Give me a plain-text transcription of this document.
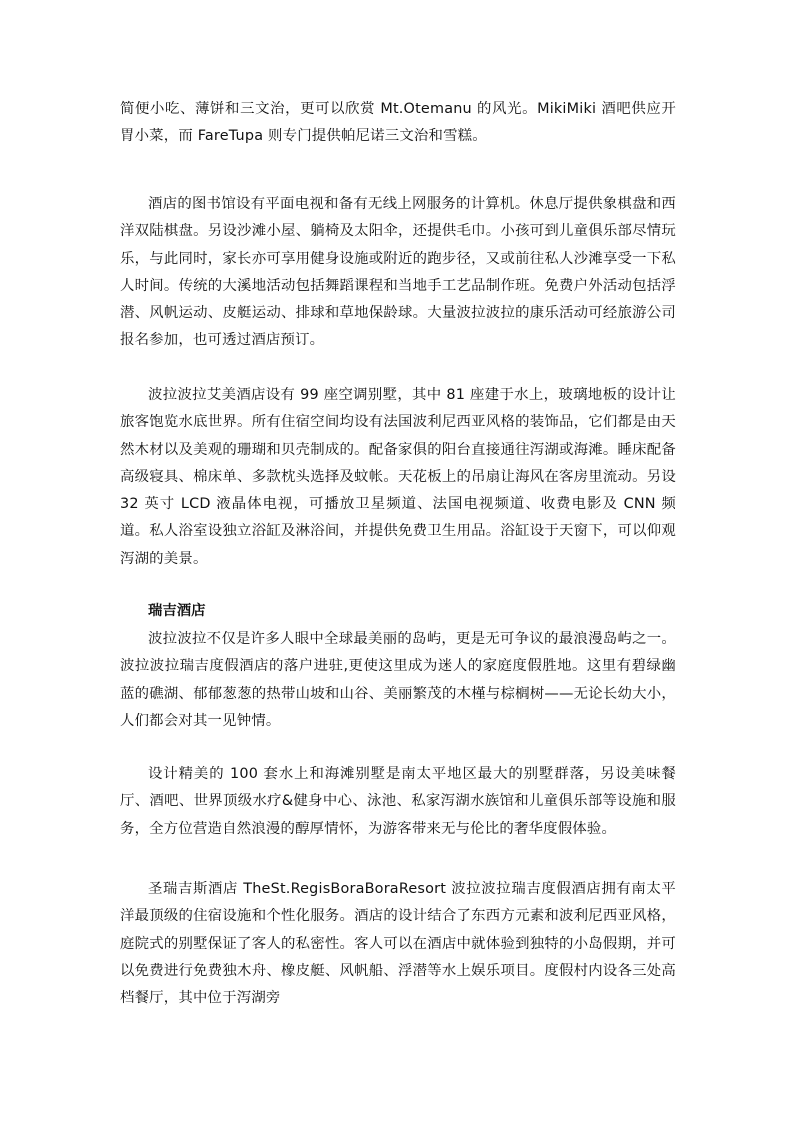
简便小吃、薄饼和三文治，更可以欣赏 Mt.Otemanu 的风光。MikiMiki 酒吧供应开胃小菜，而 FareTupa 则专门提供帕尼诺三文治和雪糕。

酒店的图书馆设有平面电视和备有无线上网服务的计算机。休息厅提供象棋盘和西洋双陆棋盘。另设沙滩小屋、躺椅及太阳伞，还提供毛巾。小孩可到儿童俱乐部尽情玩乐，与此同时，家长亦可享用健身设施或附近的跑步径，又或前往私人沙滩享受一下私人时间。传统的大溪地活动包括舞蹈课程和当地手工艺品制作班。免费户外活动包括浮潜、风帆运动、皮艇运动、排球和草地保龄球。大量波拉波拉的康乐活动可经旅游公司报名参加，也可透过酒店预订。

波拉波拉艾美酒店设有 99 座空调别墅，其中 81 座建于水上，玻璃地板的设计让旅客饱览水底世界。所有住宿空间均设有法国波利尼西亚风格的装饰品，它们都是由天然木材以及美观的珊瑚和贝壳制成的。配备家俱的阳台直接通往泻湖或海滩。睡床配备高级寝具、棉床单、多款枕头选择及蚊帐。天花板上的吊扇让海风在客房里流动。另设 32 英寸 LCD 液晶体电视，可播放卫星频道、法国电视频道、收费电影及 CNN 频道。私人浴室设独立浴缸及淋浴间，并提供免费卫生用品。浴缸设于天窗下，可以仰观泻湖的美景。

瑞吉酒店

波拉波拉不仅是许多人眼中全球最美丽的岛屿，更是无可争议的最浪漫岛屿之一。波拉波拉瑞吉度假酒店的落户进驻,更使这里成为迷人的家庭度假胜地。这里有碧绿幽蓝的礁湖、郁郁葱葱的热带山坡和山谷、美丽繁茂的木槿与棕榈树——无论长幼大小，人们都会对其一见钟情。

设计精美的 100 套水上和海滩别墅是南太平地区最大的别墅群落，另设美味餐厅、酒吧、世界顶级水疗&健身中心、泳池、私家泻湖水族馆和儿童俱乐部等设施和服务，全方位营造自然浪漫的醇厚情怀，为游客带来无与伦比的奢华度假体验。

圣瑞吉斯酒店 TheSt.RegisBoraBoraResort 波拉波拉瑞吉度假酒店拥有南太平洋最顶级的住宿设施和个性化服务。酒店的设计结合了东西方元素和波利尼西亚风格，庭院式的别墅保证了客人的私密性。客人可以在酒店中就体验到独特的小岛假期，并可以免费进行免费独木舟、橡皮艇、风帆船、浮潜等水上娱乐项目。度假村内设各三处高档餐厅，其中位于泻湖旁
